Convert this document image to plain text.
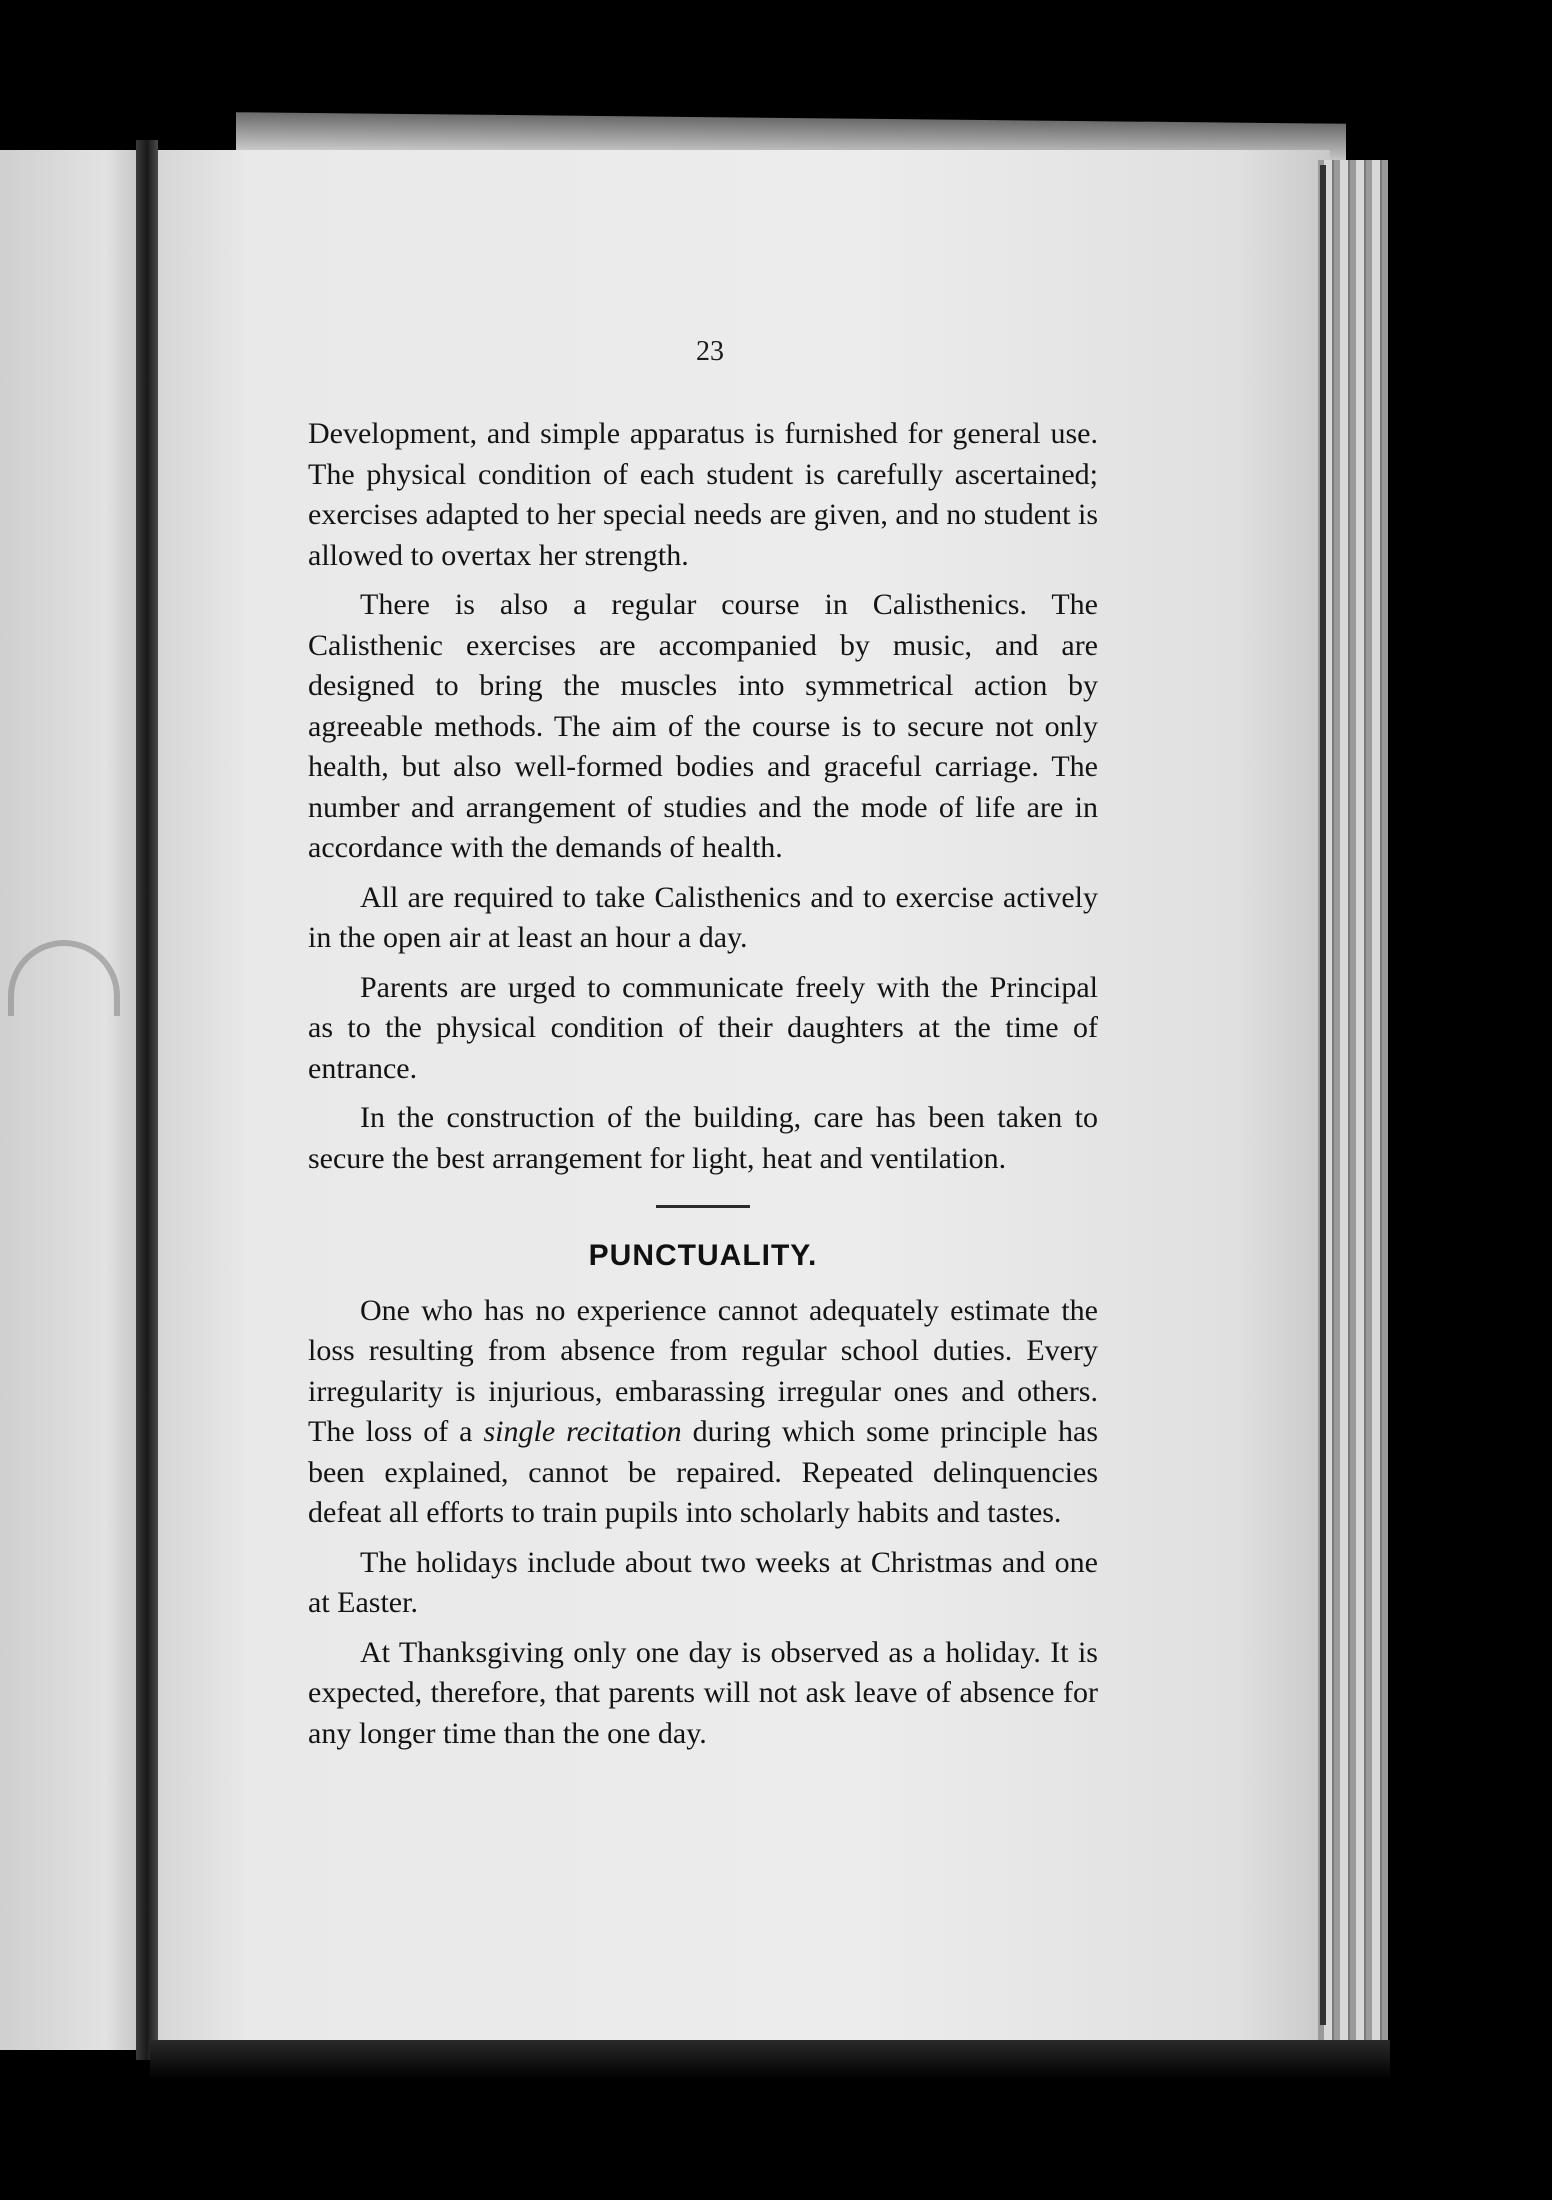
23

Development, and simple apparatus is furnished for general use. The physical condition of each student is carefully ascertained; exercises adapted to her special needs are given, and no student is allowed to overtax her strength.

There is also a regular course in Calisthenics. The Calisthenic exercises are accompanied by music, and are designed to bring the muscles into symmetrical action by agreeable methods. The aim of the course is to secure not only health, but also well-formed bodies and graceful carriage. The number and arrangement of studies and the mode of life are in accordance with the demands of health.

All are required to take Calisthenics and to exercise actively in the open air at least an hour a day.

Parents are urged to communicate freely with the Principal as to the physical condition of their daughters at the time of entrance.

In the construction of the building, care has been taken to secure the best arrangement for light, heat and ventilation.

PUNCTUALITY.

One who has no experience cannot adequately estimate the loss resulting from absence from regular school duties. Every irregularity is injurious, embarassing irregular ones and others. The loss of a single recitation during which some principle has been explained, cannot be repaired. Repeated delinquencies defeat all efforts to train pupils into scholarly habits and tastes.

The holidays include about two weeks at Christmas and one at Easter.

At Thanksgiving only one day is observed as a holiday. It is expected, therefore, that parents will not ask leave of absence for any longer time than the one day.
